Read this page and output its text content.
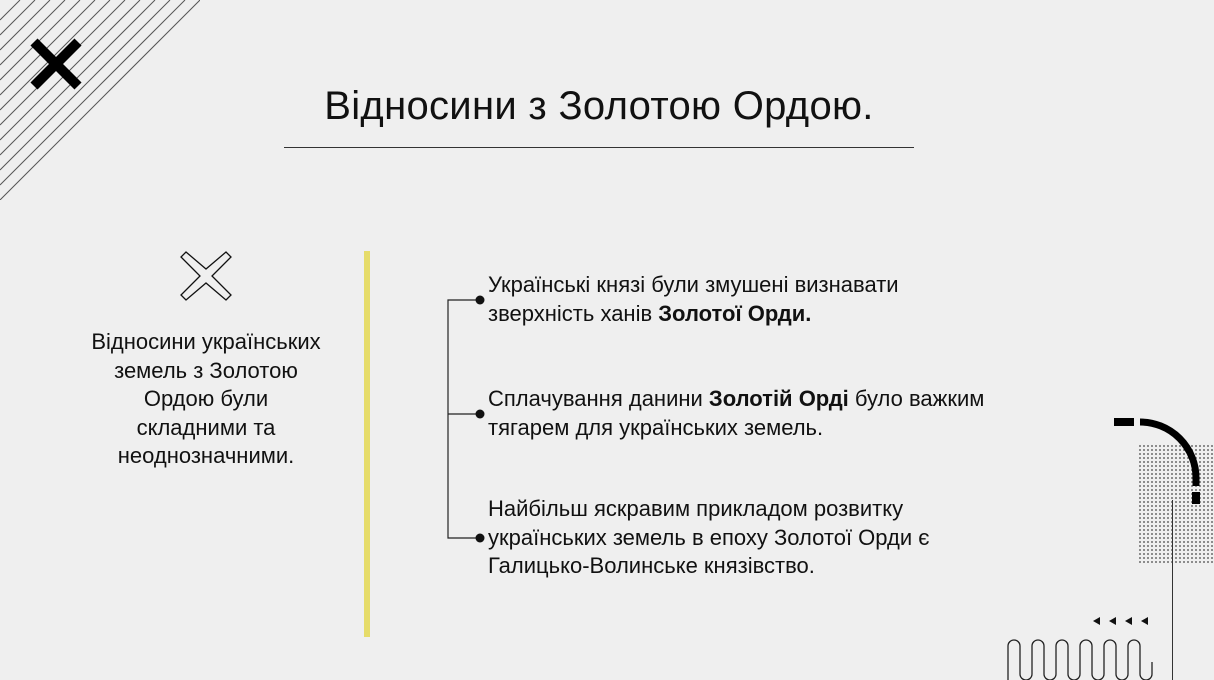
Відносини з Золотою Ордою.
Відносини українських земель з Золотою Ордою були складними та неоднозначними.
Українські князі були змушені визнавати зверхність ханів Золотої Орди.
Сплачування данини Золотій Орді було важким тягарем для українських земель.
Найбільш яскравим прикладом розвитку українських земель в епоху Золотої Орди є Галицько-Волинське князівство.
